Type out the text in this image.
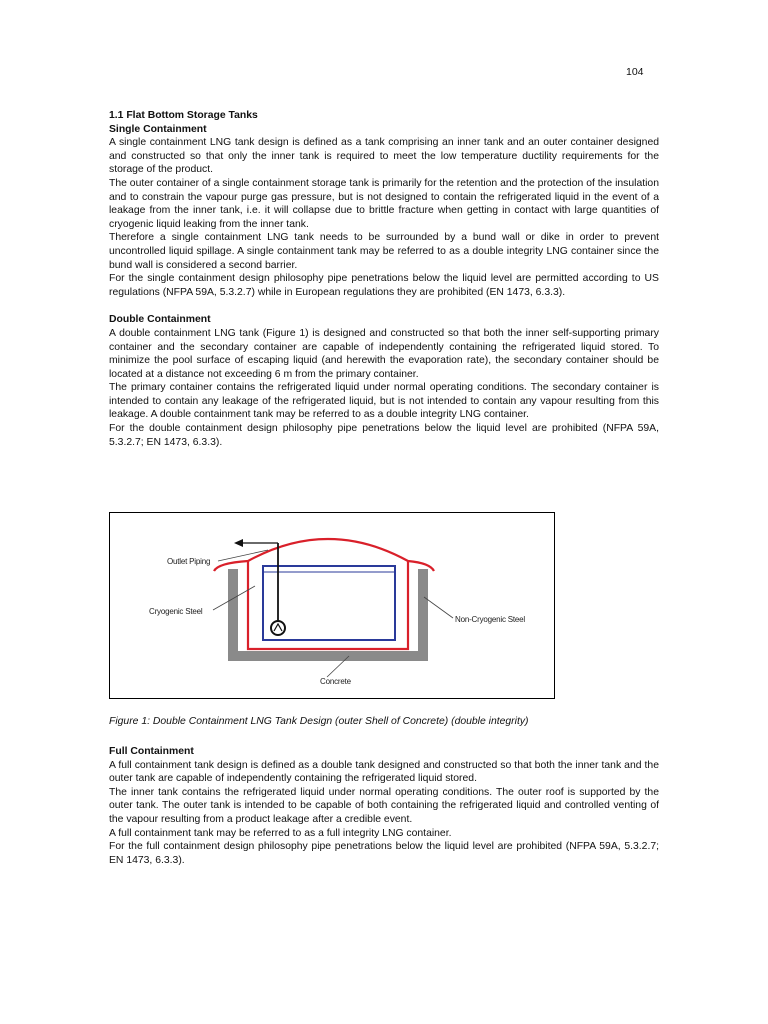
104
1.1 Flat Bottom Storage Tanks
Single Containment

A single containment LNG tank design is defined as a tank comprising an inner tank and an outer container designed and constructed so that only the inner tank is required to meet the low temperature ductility requirements for the storage of the product.

The outer container of a single containment storage tank is primarily for the retention and the protection of the insulation and to constrain the vapour purge gas pressure, but is not designed to contain the refrigerated liquid in the event of a leakage from the inner tank, i.e. it will collapse due to brittle fracture when getting in contact with large quantities of cryogenic liquid leaking from the inner tank.

Therefore a single containment LNG tank needs to be surrounded by a bund wall or dike in order to prevent uncontrolled liquid spillage. A single containment tank may be referred to as a double integrity LNG container since the bund wall is considered a second barrier.

For the single containment design philosophy pipe penetrations below the liquid level are permitted according to US regulations (NFPA 59A, 5.3.2.7) while in European regulations they are prohibited (EN 1473, 6.3.3).

Double Containment

A double containment LNG tank (Figure 1) is designed and constructed so that both the inner self-supporting primary container and the secondary container are capable of independently containing the refrigerated liquid stored. To minimize the pool surface of escaping liquid (and herewith the evaporation rate), the secondary container should be located at a distance not exceeding 6 m from the primary container.

The primary container contains the refrigerated liquid under normal operating conditions. The secondary container is intended to contain any leakage of the refrigerated liquid, but is not intended to contain any vapour resulting from this leakage. A double containment tank may be referred to as a double integrity LNG container.

For the double containment design philosophy pipe penetrations below the liquid level are prohibited (NFPA 59A, 5.3.2.7; EN 1473, 6.3.3).

Outlet Piping
Cryogenic Steel
Non-Cryogenic Steel
Concrete
Figure 1: Double Containment LNG Tank Design (outer Shell of Concrete) (double integrity)
Full Containment

A full containment tank design is defined as a double tank designed and constructed so that both the inner tank and the outer tank are capable of independently containing the refrigerated liquid stored.

The inner tank contains the refrigerated liquid under normal operating conditions. The outer roof is supported by the outer tank. The outer tank is intended to be capable of both containing the refrigerated liquid and controlled venting of the vapour resulting from a product leakage after a credible event.

A full containment tank may be referred to as a full integrity LNG container.

For the full containment design philosophy pipe penetrations below the liquid level are prohibited (NFPA 59A, 5.3.2.7; EN 1473, 6.3.3).
